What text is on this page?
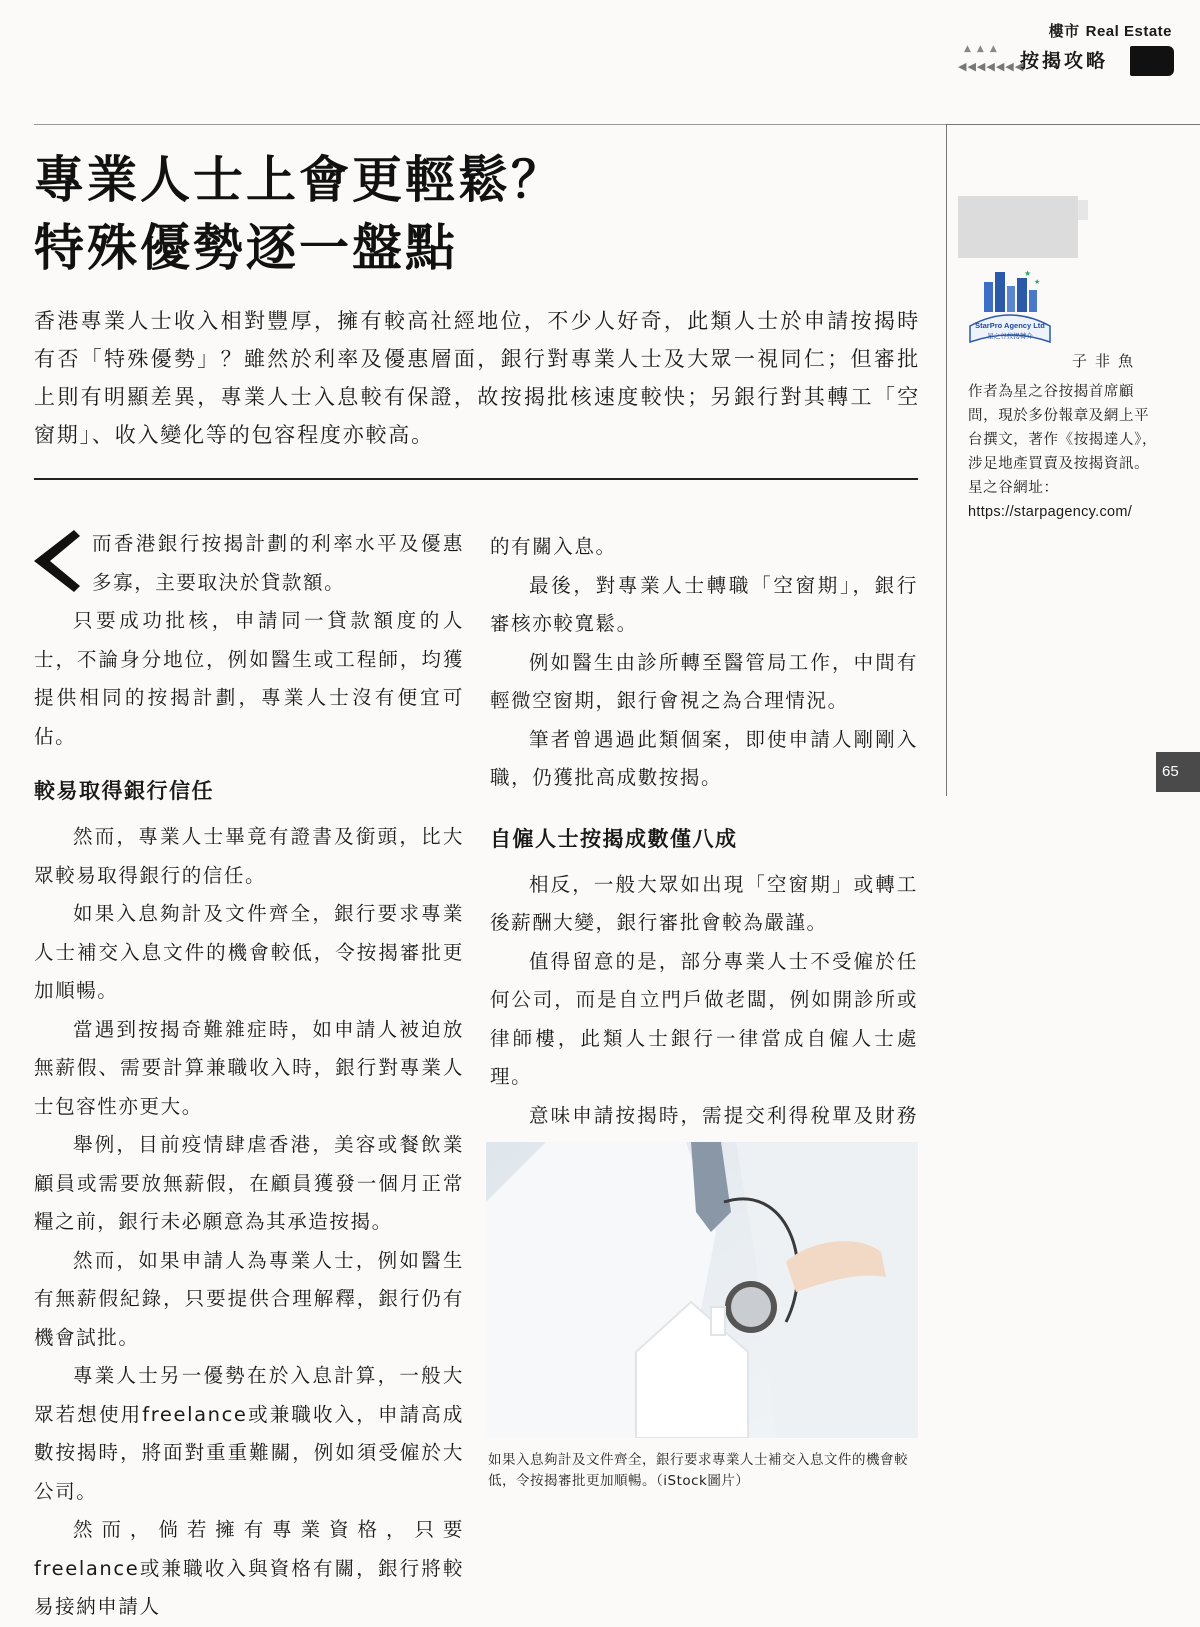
樓市 Real Estate
▲▲▲
◀◀◀◀◀◀◀
按揭攻略
專業人士上會更輕鬆？
特殊優勢逐一盤點
香港專業人士收入相對豐厚，擁有較高社經地位，不少人好奇，此類人士於申請按揭時有否「特殊優勢」？雖然於利率及優惠層面，銀行對專業人士及大眾一視同仁；但審批上則有明顯差異，專業人士入息較有保證，故按揭批核速度較快；另銀行對其轉工「空窗期」、收入變化等的包容程度亦較高。

而香港銀行按揭計劃的利率水平及優惠多寡，主要取決於貸款額。

只要成功批核，申請同一貸款額度的人士，不論身分地位，例如醫生或工程師，均獲提供相同的按揭計劃，專業人士沒有便宜可佔。

較易取得銀行信任

然而，專業人士畢竟有證書及銜頭，比大眾較易取得銀行的信任。

如果入息夠計及文件齊全，銀行要求專業人士補交入息文件的機會較低，令按揭審批更加順暢。

當遇到按揭奇難雜症時，如申請人被迫放無薪假、需要計算兼職收入時，銀行對專業人士包容性亦更大。

舉例，目前疫情肆虐香港，美容或餐飲業顧員或需要放無薪假，在顧員獲發一個月正常糧之前，銀行未必願意為其承造按揭。

然而，如果申請人為專業人士，例如醫生有無薪假紀錄，只要提供合理解釋，銀行仍有機會試批。

專業人士另一優勢在於入息計算，一般大眾若想使用freelance或兼職收入，申請高成數按揭時，將面對重重難關，例如須受僱於大公司。

然而，倘若擁有專業資格，只要freelance或兼職收入與資格有關，銀行將較易接納申請人

的有關入息。

最後，對專業人士轉職「空窗期」，銀行審核亦較寬鬆。

例如醫生由診所轉至醫管局工作，中間有輕微空窗期，銀行會視之為合理情況。

筆者曾遇過此類個案，即使申請人剛剛入職，仍獲批高成數按揭。

自僱人士按揭成數僅八成

相反，一般大眾如出現「空窗期」或轉工後薪酬大變，銀行審批會較為嚴謹。

值得留意的是，部分專業人士不受僱於任何公司，而是自立門戶做老闆，例如開診所或律師樓，此類人士銀行一律當成自僱人士處理。

意味申請按揭時，需提交利得稅單及財務

如果入息夠計及文件齊全，銀行要求專業人士補交入息文件的機會較低，令按揭審批更加順暢。（iStock圖片）
★
★
StarPro Agency Ltd
星之谷按揭轉介
子非魚
作者為星之谷按揭首席顧問，現於多份報章及網上平台撰文，著作《按揭達人》，涉足地產買賣及按揭資訊。
星之谷網址：
https://starpagency.com/
65
